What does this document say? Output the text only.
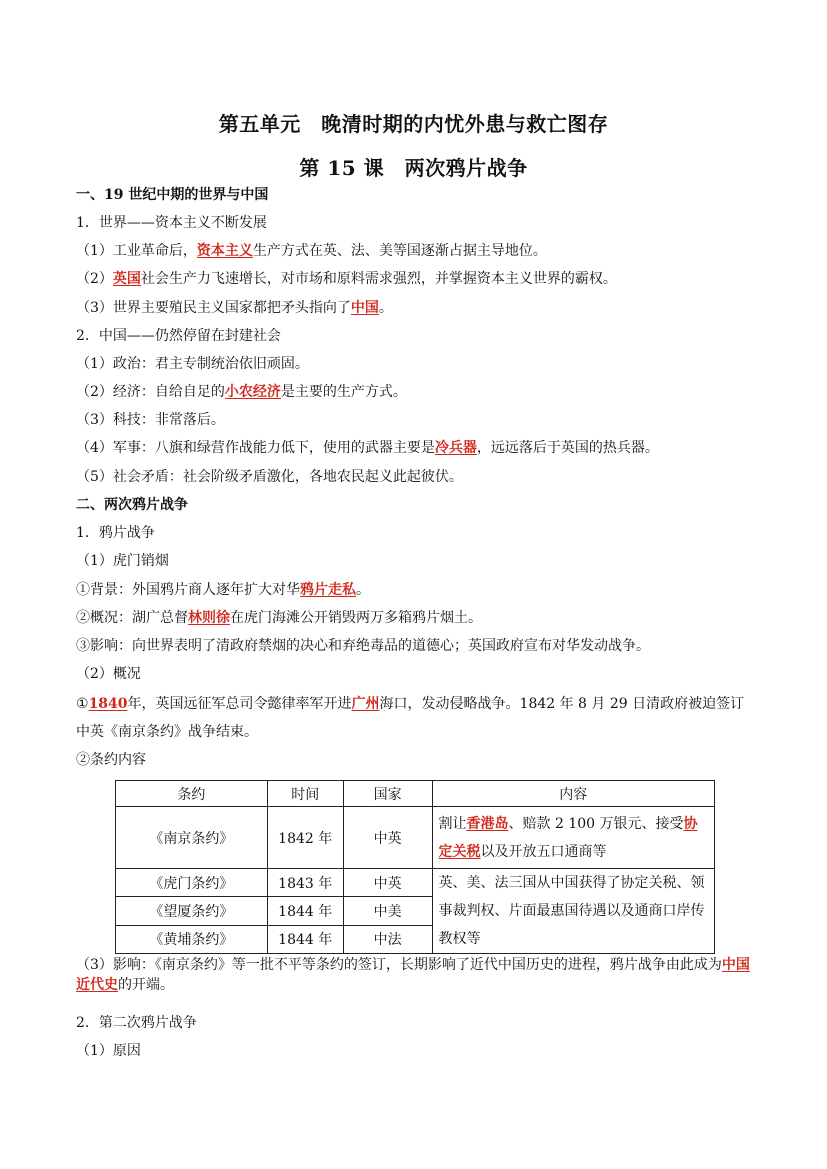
第五单元　晚清时期的内忧外患与救亡图存
第 15 课　两次鸦片战争
一、19 世纪中期的世界与中国
1．世界——资本主义不断发展
（1）工业革命后，资本主义生产方式在英、法、美等国逐渐占据主导地位。
（2）英国社会生产力飞速增长，对市场和原料需求强烈，并掌握资本主义世界的霸权。
（3）世界主要殖民主义国家都把矛头指向了中国。
2．中国——仍然停留在封建社会
（1）政治：君主专制统治依旧顽固。
（2）经济：自给自足的小农经济是主要的生产方式。
（3）科技：非常落后。
（4）军事：八旗和绿营作战能力低下，使用的武器主要是冷兵器，远远落后于英国的热兵器。
（5）社会矛盾：社会阶级矛盾激化，各地农民起义此起彼伏。
二、两次鸦片战争
1．鸦片战争
（1）虎门销烟
①背景：外国鸦片商人逐年扩大对华鸦片走私。
②概况：湖广总督林则徐在虎门海滩公开销毁两万多箱鸦片烟土。
③影响：向世界表明了清政府禁烟的决心和弃绝毒品的道德心；英国政府宣布对华发动战争。
（2）概况
①1840年，英国远征军总司令懿律率军开进广州海口，发动侵略战争。1842 年 8 月 29 日清政府被迫签订
中英《南京条约》战争结束。
②条约内容
条约	时间	国家	内容
《南京条约》	1842 年	中英	割让香港岛、赔款 2 100 万银元、接受协定关税以及开放五口通商等
《虎门条约》	1843 年	中英	英、美、法三国从中国获得了协定关税、领事裁判权、片面最惠国待遇以及通商口岸传教权等
《望厦条约》	1844 年	中美	
《黄埔条约》	1844 年	中法	
（3）影响：《南京条约》等一批不平等条约的签订，长期影响了近代中国历史的进程，鸦片战争由此成为中国近代史的开端。
2．第二次鸦片战争
（1）原因
